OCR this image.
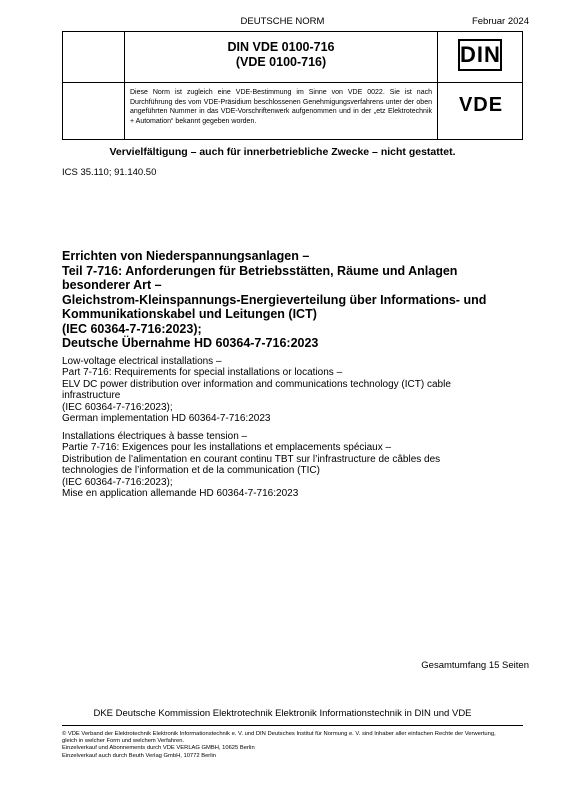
DEUTSCHE NORM	Februar 2024
DIN VDE 0100-716
(VDE 0100-716)	DIN
Diese Norm ist zugleich eine VDE-Bestimmung im Sinne von VDE 0022. Sie ist nach Durchführung des vom VDE-Präsidium beschlossenen Genehmigungsverfahrens unter der oben angeführten Nummer in das VDE-Vorschriftenwerk aufgenommen und in der „etz Elektrotechnik + Automation“ bekannt gegeben worden.
VDE
Vervielfältigung – auch für innerbetriebliche Zwecke – nicht gestattet.
ICS 35.110; 91.140.50
Errichten von Niederspannungsanlagen –
Teil 7-716: Anforderungen für Betriebsstätten, Räume und Anlagen
besonderer Art –
Gleichstrom-Kleinspannungs-Energieverteilung über Informations- und
Kommunikationskabel und Leitungen (ICT)
(IEC 60364-7-716:2023);
Deutsche Übernahme HD 60364-7-716:2023
Low-voltage electrical installations –
Part 7-716: Requirements for special installations or locations –
ELV DC power distribution over information and communications technology (ICT) cable
infrastructure
(IEC 60364-7-716:2023);
German implementation HD 60364-7-716:2023
Installations électriques à basse tension –
Partie 7-716: Exigences pour les installations et emplacements spéciaux –
Distribution de l’alimentation en courant continu TBT sur l’infrastructure de câbles des
technologies de l’information et de la communication (TIC)
(IEC 60364-7-716:2023);
Mise en application allemande HD 60364-7-716:2023
Gesamtumfang 15 Seiten
DKE Deutsche Kommission Elektrotechnik Elektronik Informationstechnik in DIN und VDE
© VDE Verband der Elektrotechnik Elektronik Informationstechnik e. V. und DIN Deutsches Institut für Normung e. V. sind Inhaber aller einfachen Rechte der Verwertung,
gleich in welcher Form und welchem Verfahren.
Einzelverkauf und Abonnements durch VDE VERLAG GMBH, 10625 Berlin
Einzelverkauf auch durch Beuth Verlag GmbH, 10772 Berlin
